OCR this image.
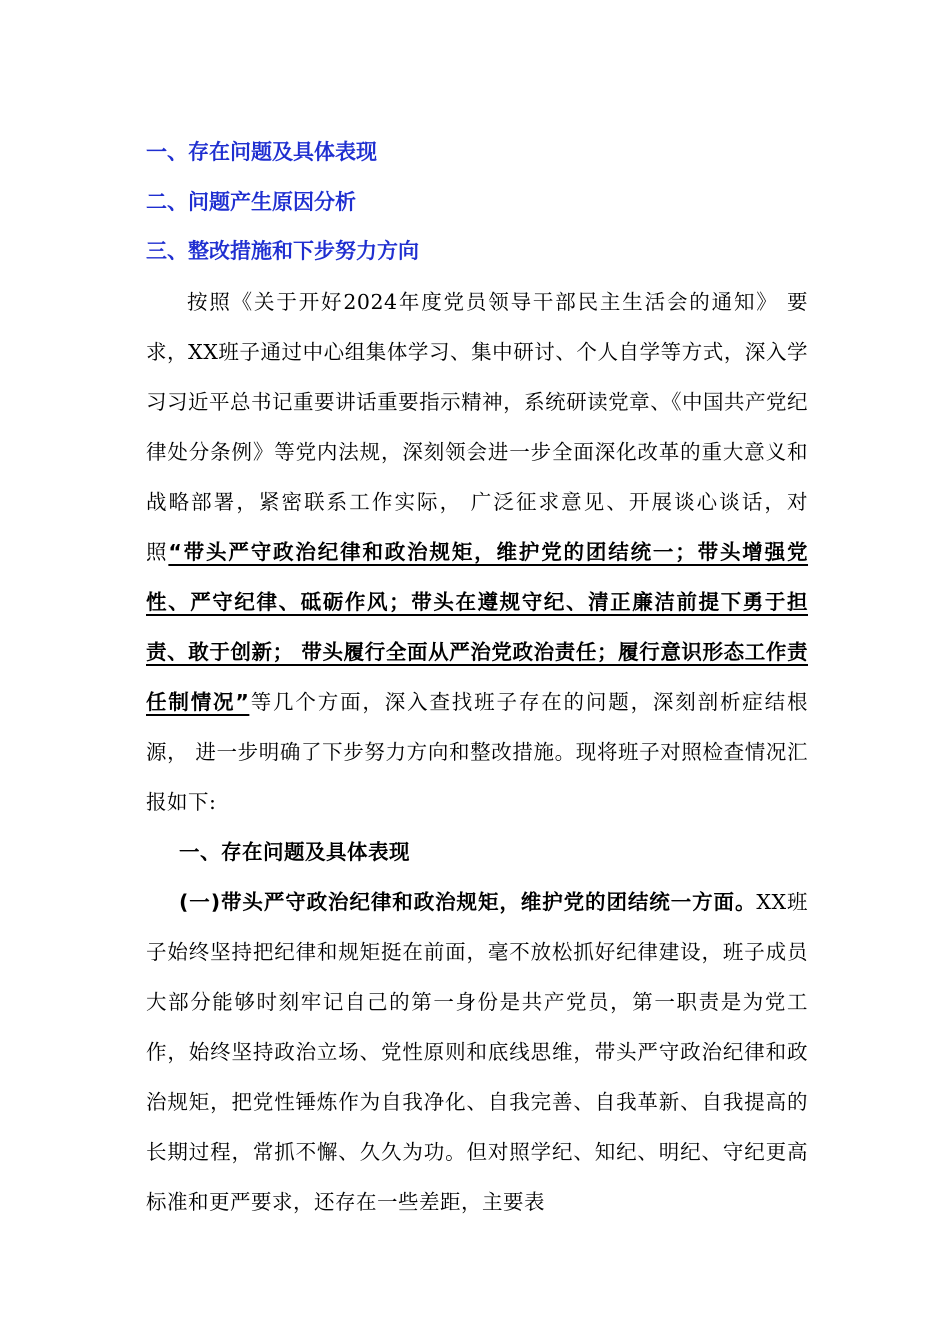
一、存在问题及具体表现
二、问题产生原因分析
三、整改措施和下步努力方向

按照《关于开好2024年度党员领导干部民主生活会的通知》 要求，XX班子通过中心组集体学习、集中研讨、个人自学等方式，深入学习习近平总书记重要讲话重要指示精神，系统研读党章、《中国共产党纪律处分条例》等党内法规，深刻领会进一步全面深化改革的重大意义和战略部署，紧密联系工作实际， 广泛征求意见、开展谈心谈话，对照“带头严守政治纪律和政治规矩，维护党的团结统一；带头增强党性、严守纪律、砥砺作风；带头在遵规守纪、清正廉洁前提下勇于担责、敢于创新； 带头履行全面从严治党政治责任；履行意识形态工作责任制情况”等几个方面，深入查找班子存在的问题，深刻剖析症结根源， 进一步明确了下步努力方向和整改措施。现将班子对照检查情况汇报如下:

一、存在问题及具体表现

(一)带头严守政治纪律和政治规矩，维护党的团结统一方面。XX班子始终坚持把纪律和规矩挺在前面，毫不放松抓好纪律建设，班子成员大部分能够时刻牢记自己的第一身份是共产党员，第一职责是为党工作，始终坚持政治立场、党性原则和底线思维，带头严守政治纪律和政治规矩，把党性锤炼作为自我净化、自我完善、自我革新、自我提高的长期过程，常抓不懈、久久为功。但对照学纪、知纪、明纪、守纪更高标准和更严要求，还存在一些差距，主要表
